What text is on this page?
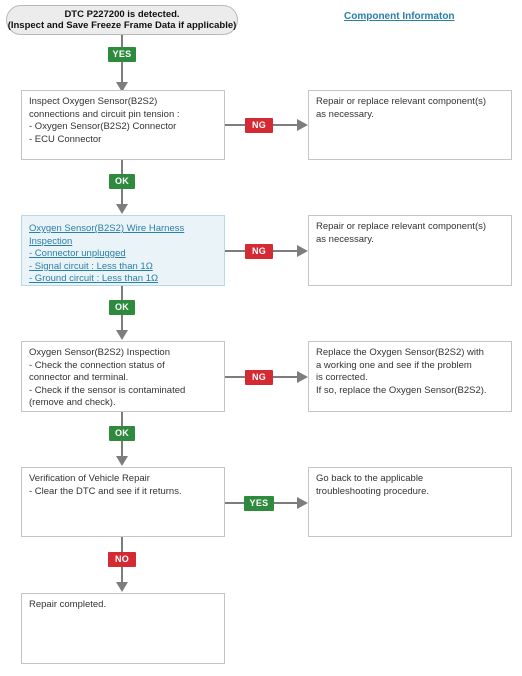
DTC P227200 is detected.
(Inspect and Save Freeze Frame Data if applicable)
Component Informaton
YES
Inspect Oxygen Sensor(B2S2)
connections and circuit pin tension :
- Oxygen Sensor(B2S2) Connector
- ECU Connector
NG
Repair or replace relevant component(s)
as necessary.
OK
Oxygen Sensor(B2S2) Wire Harness
Inspection
- Connector unplugged
- Signal circuit : Less than 1Ω
- Ground circuit : Less than 1Ω
NG
Repair or replace relevant component(s)
as necessary.
OK
Oxygen Sensor(B2S2) Inspection
- Check the connection status of
connector and terminal.
- Check if the sensor is contaminated
(remove and check).
NG
Replace the Oxygen Sensor(B2S2) with
a working one and see if the problem
is corrected.
If so, replace the Oxygen Sensor(B2S2).
OK
Verification of Vehicle Repair
- Clear the DTC and see if it returns.
YES
Go back to the applicable
troubleshooting procedure.
NO
Repair completed.
